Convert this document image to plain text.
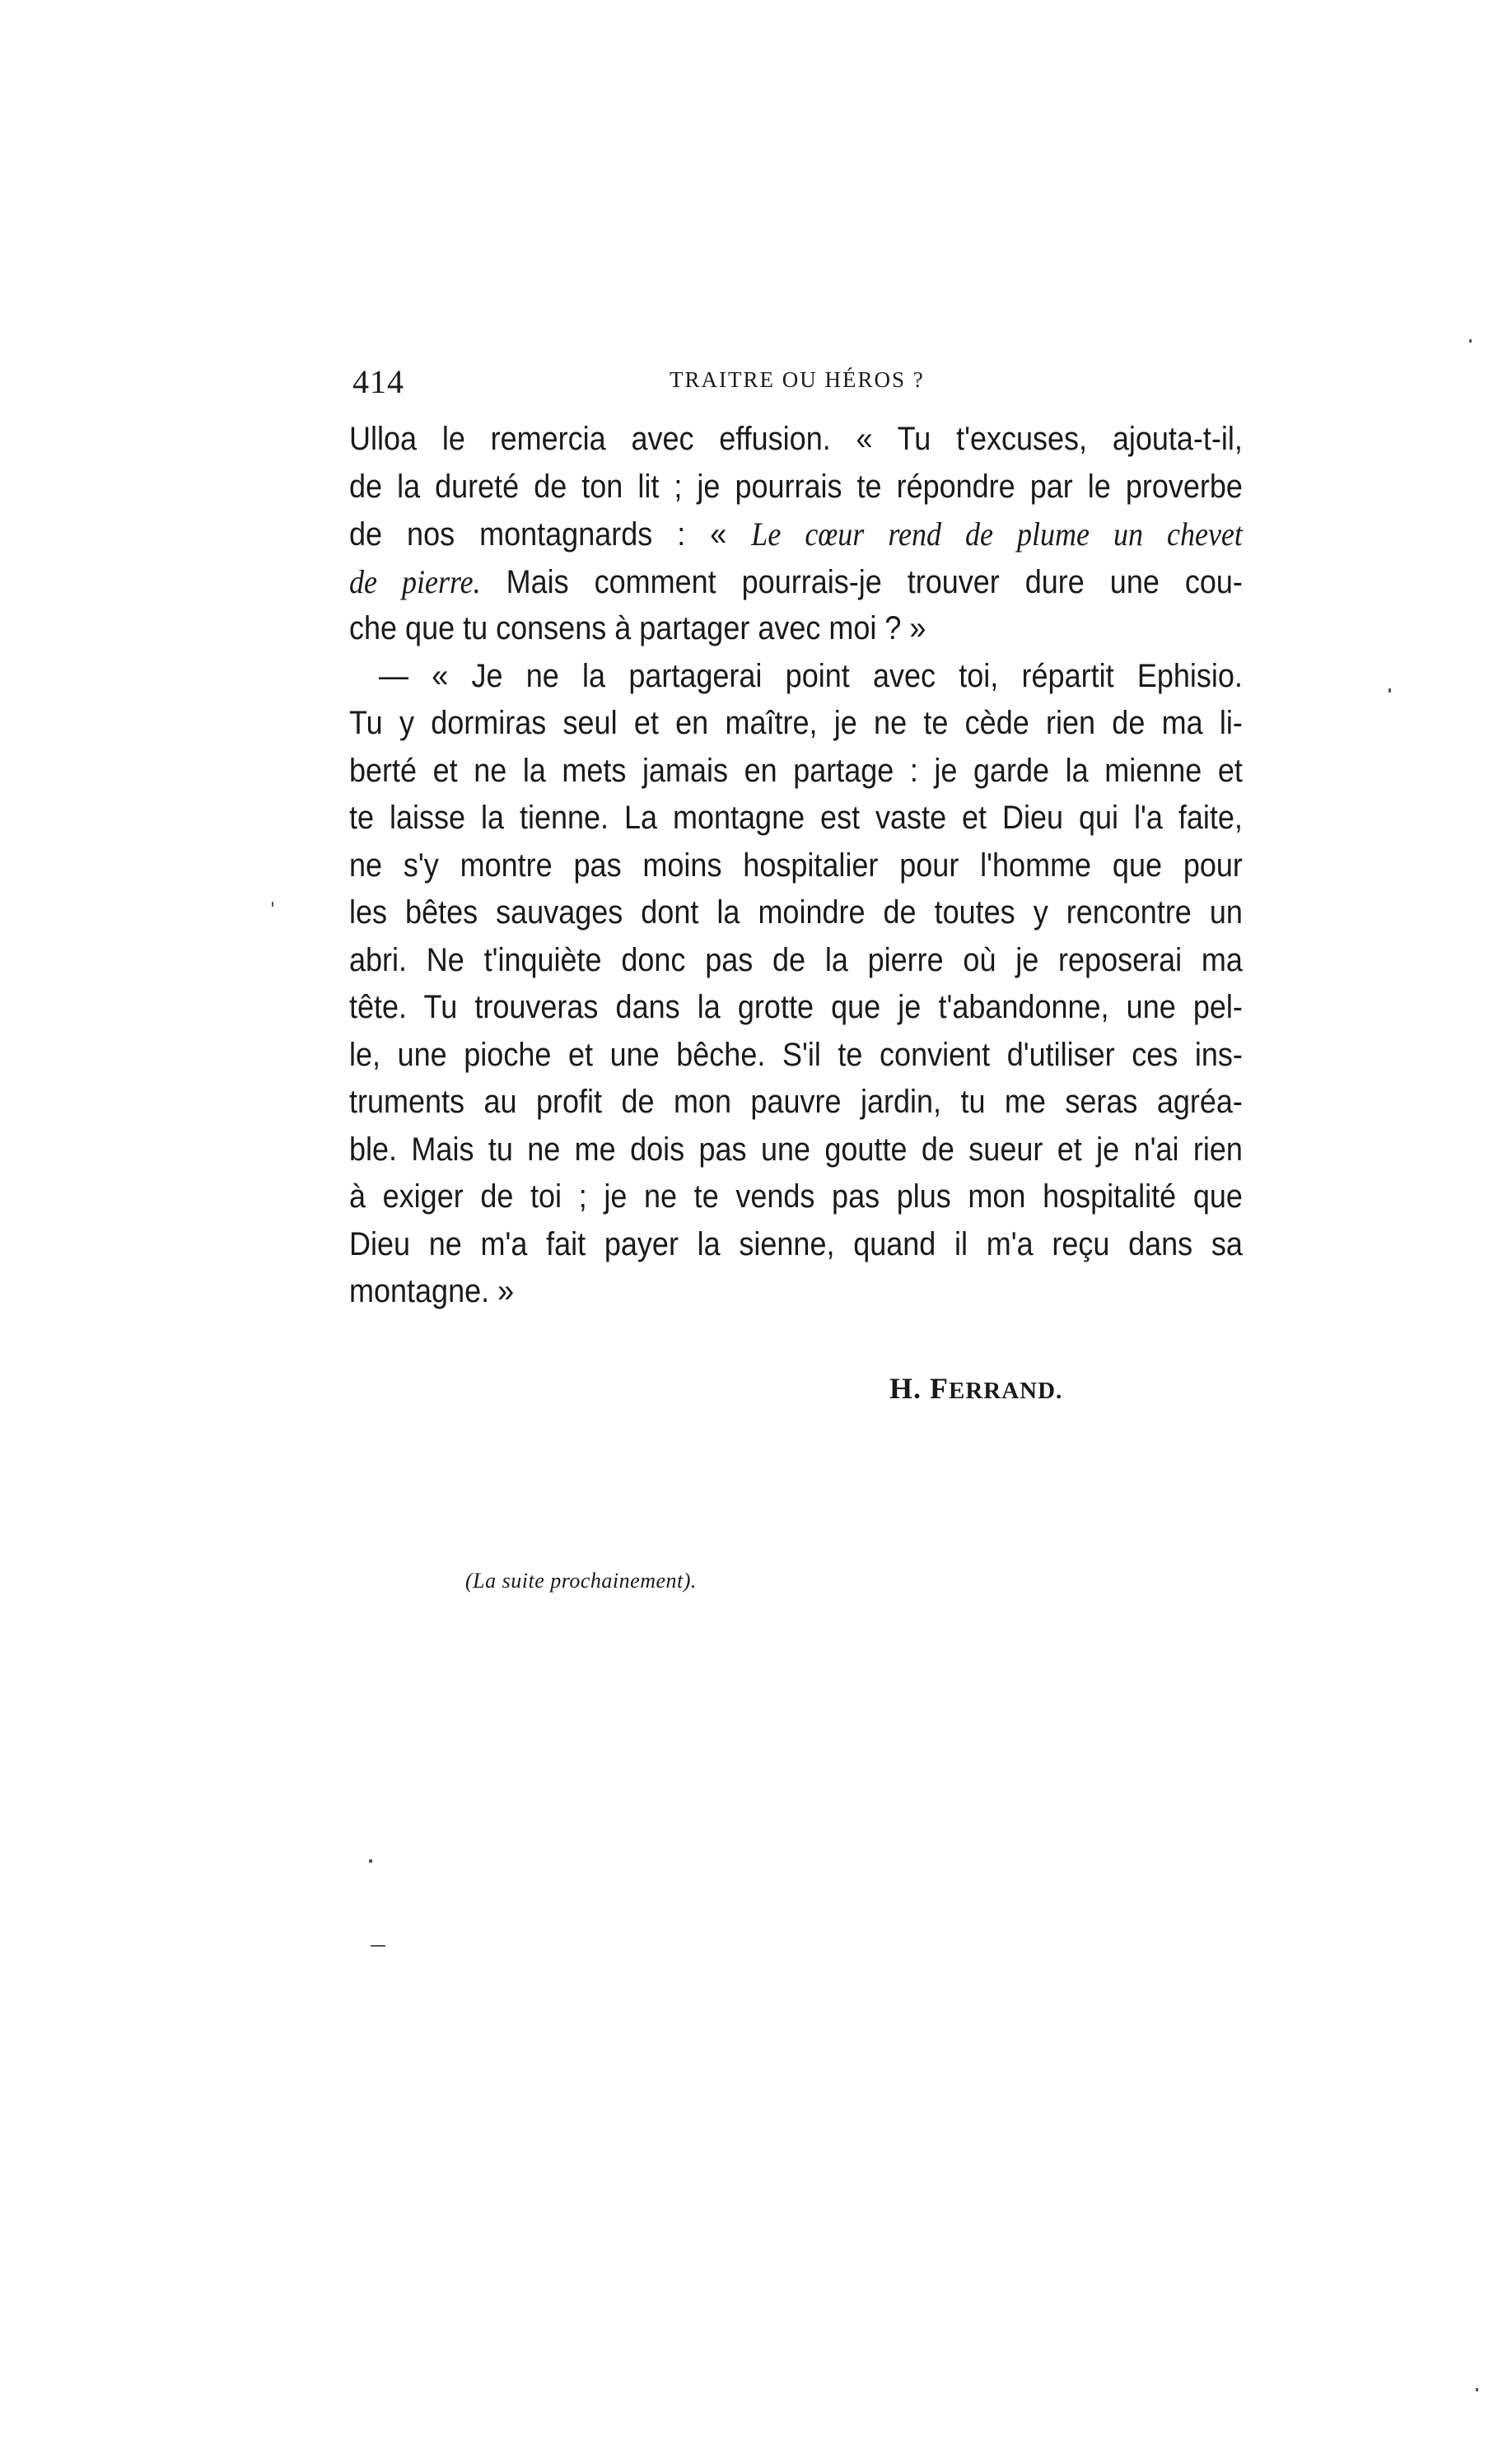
414	TRAITRE OU HÉROS ?
Ulloa le remercia avec effusion. « Tu t'excuses, ajouta-t-il,
de la dureté de ton lit ; je pourrais te répondre par le proverbe
de nos montagnards : « Le cœur rend de plume un chevet
de pierre. Mais comment pourrais-je trouver dure une cou-
che que tu consens à partager avec moi ? »
— « Je ne la partagerai point avec toi, répartit Ephisio.
Tu y dormiras seul et en maître, je ne te cède rien de ma li-
berté et ne la mets jamais en partage : je garde la mienne et
te laisse la tienne. La montagne est vaste et Dieu qui l'a faite,
ne s'y montre pas moins hospitalier pour l'homme que pour
les bêtes sauvages dont la moindre de toutes y rencontre un
abri. Ne t'inquiète donc pas de la pierre où je reposerai ma
tête. Tu trouveras dans la grotte que je t'abandonne, une pel-
le, une pioche et une bêche. S'il te convient d'utiliser ces ins-
truments au profit de mon pauvre jardin, tu me seras agréa-
ble. Mais tu ne me dois pas une goutte de sueur et je n'ai rien
à exiger de toi ; je ne te vends pas plus mon hospitalité que
Dieu ne m'a fait payer la sienne, quand il m'a reçu dans sa
montagne. »
H. FERRAND.
(La suite prochainement).
